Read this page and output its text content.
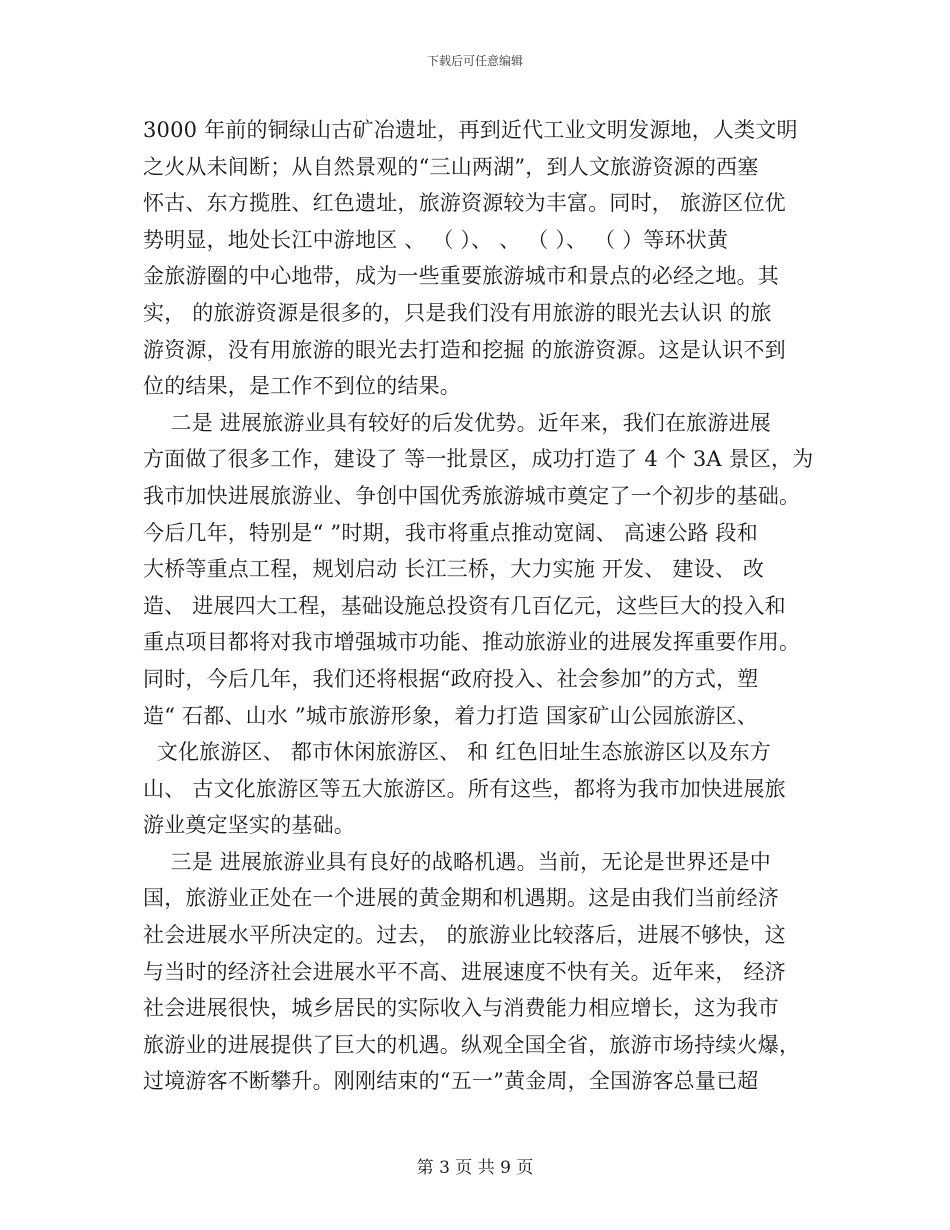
下载后可任意编辑
3000 年前的铜绿山古矿冶遗址，再到近代工业文明发源地，人类文明
之火从未间断；从自然景观的“三山两湖”，到人文旅游资源的西塞
怀古、东方揽胜、红色遗址，旅游资源较为丰富。同时， 旅游区位优
势明显，地处长江中游地区 、 （ ）、 、 （ ）、 （ ）等环状黄
金旅游圈的中心地带，成为一些重要旅游城市和景点的必经之地。其
实， 的旅游资源是很多的，只是我们没有用旅游的眼光去认识 的旅
游资源，没有用旅游的眼光去打造和挖掘 的旅游资源。这是认识不到
位的结果，是工作不到位的结果。
二是 进展旅游业具有较好的后发优势。近年来，我们在旅游进展
方面做了很多工作，建设了 等一批景区，成功打造了 4 个 3A 景区，为
我市加快进展旅游业、争创中国优秀旅游城市奠定了一个初步的基础。
今后几年，特别是“ ”时期，我市将重点推动宽阔、 高速公路 段和
大桥等重点工程，规划启动 长江三桥，大力实施 开发、 建设、 改
造、 进展四大工程，基础设施总投资有几百亿元，这些巨大的投入和
重点项目都将对我市增强城市功能、推动旅游业的进展发挥重要作用。
同时，今后几年，我们还将根据“政府投入、社会参加”的方式，塑
造“ 石都、山水 ”城市旅游形象，着力打造 国家矿山公园旅游区、
文化旅游区、 都市休闲旅游区、 和 红色旧址生态旅游区以及东方
山、 古文化旅游区等五大旅游区。所有这些，都将为我市加快进展旅
游业奠定坚实的基础。
三是 进展旅游业具有良好的战略机遇。当前，无论是世界还是中
国，旅游业正处在一个进展的黄金期和机遇期。这是由我们当前经济
社会进展水平所决定的。过去， 的旅游业比较落后，进展不够快，这
与当时的经济社会进展水平不高、进展速度不快有关。近年来， 经济
社会进展很快，城乡居民的实际收入与消费能力相应增长，这为我市
旅游业的进展提供了巨大的机遇。纵观全国全省，旅游市场持续火爆，
过境游客不断攀升。刚刚结束的“五一”黄金周，全国游客总量已超
第 3 页 共 9 页
